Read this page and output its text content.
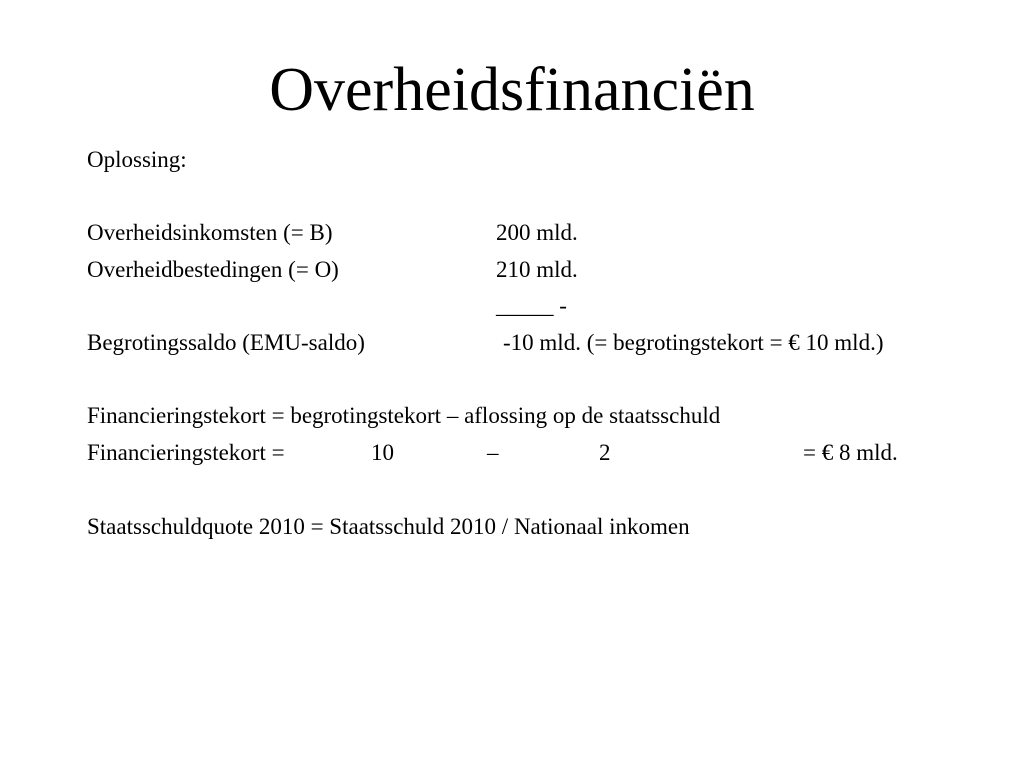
Overheidsfinanciën
Oplossing:
Overheidsinkomsten (= B)	200 mld.
Overheidbestedingen (= O)	210 mld.
_____ -
Begrotingssaldo (EMU-saldo)	-10 mld. (= begrotingstekort = € 10 mld.)
Financieringstekort = begrotingstekort – aflossing op de staatsschuld
Financieringstekort =	10	–	2	= € 8 mld.
Staatsschuldquote 2010 = Staatsschuld 2010 / Nationaal inkomen
